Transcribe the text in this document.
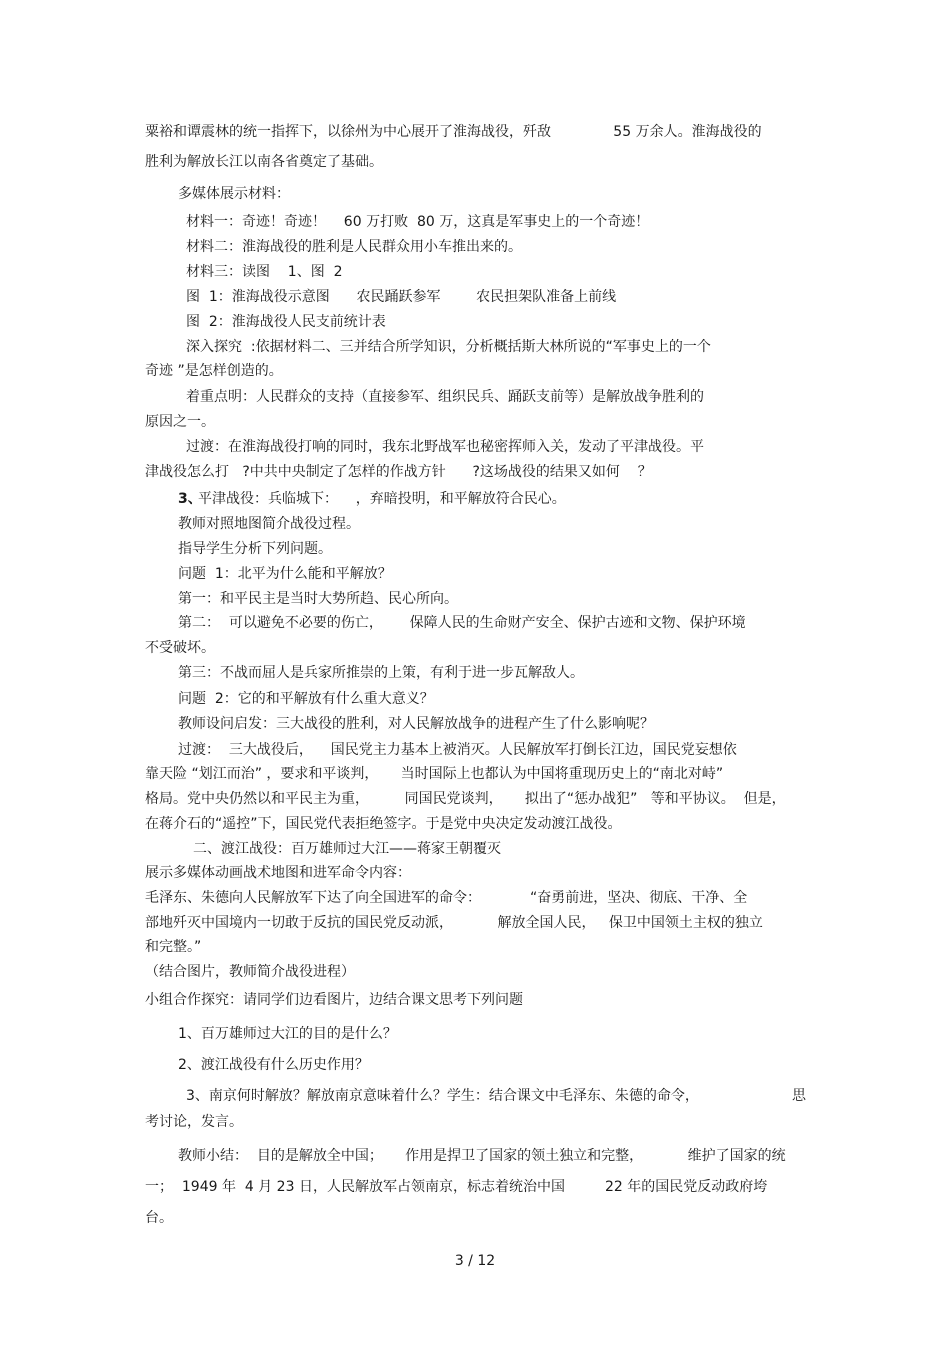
粟裕和谭震林的统一指挥下，以徐州为中心展开了淮海战役，歼敌              55 万余人。淮海战役的
胜利为解放长江以南各省奠定了基础。
多媒体展示材料：
材料一：奇迹！奇迹！    60 万打败  80 万，这真是军事史上的一个奇迹！
材料二：淮海战役的胜利是人民群众用小车推出来的。
材料三：读图    1、图  2
图  1：淮海战役示意图      农民踊跃参军        农民担架队准备上前线
图  2：淮海战役人民支前统计表
深入探究  :依据材料二、三并结合所学知识，分析概括斯大林所说的“军事史上的一个
奇迹 ”是怎样创造的。
着重点明：人民群众的支持（直接参军、组织民兵、踊跃支前等）是解放战争胜利的
原因之一。
过渡：在淮海战役打响的同时，我东北野战军也秘密挥师入关，发动了平津战役。平
津战役怎么打   ?中共中央制定了怎样的作战方针      ?这场战役的结果又如何    ？
3、
平津战役：兵临城下：    ，弃暗投明，和平解放符合民心。
教师对照地图简介战役过程。
指导学生分析下列问题。
问题  1：北平为什么能和平解放？
第一：和平民主是当时大势所趋、民心所向。
第二：  可以避免不必要的伤亡，      保障人民的生命财产安全、保护古迹和文物、保护环境
不受破坏。
第三：不战而屈人是兵家所推崇的上策，有利于进一步瓦解敌人。
问题  2：它的和平解放有什么重大意义？
教师设问启发：三大战役的胜利，对人民解放战争的进程产生了什么影响呢？
过渡：  三大战役后，    国民党主力基本上被消灭。人民解放军打倒长江边，国民党妄想依
靠天险 “划江而治” ，要求和平谈判，     当时国际上也都认为中国将重现历史上的“南北对峙”
格局。党中央仍然以和平民主为重，        同国民党谈判，     拟出了“惩办战犯”   等和平协议。  但是，
在蒋介石的“遥控”下，国民党代表拒绝签字。于是党中央决定发动渡江战役。
二、渡江战役：百万雄师过大江——蒋家王朝覆灭
展示多媒体动画战术地图和进军命令内容：
毛泽东、朱德向人民解放军下达了向全国进军的命令：           “奋勇前进，坚决、彻底、干净、全
部地歼灭中国境内一切敢于反抗的国民党反动派，          解放全国人民，   保卫中国领土主权的独立
和完整。”
（结合图片，教师简介战役进程）
小组合作探究：请同学们边看图片，边结合课文思考下列问题
1、百万雄师过大江的目的是什么？
2、渡江战役有什么历史作用？
3、南京何时解放？解放南京意味着什么？学生：结合课文中毛泽东、朱德的命令，	思
考讨论，发言。
教师小结：  目的是解放全中国；     作用是捍卫了国家的领土独立和完整，          维护了国家的统
一；  1949 年  4 月 23 日，人民解放军占领南京，标志着统治中国         22 年的国民党反动政府垮
台。
3 / 12
